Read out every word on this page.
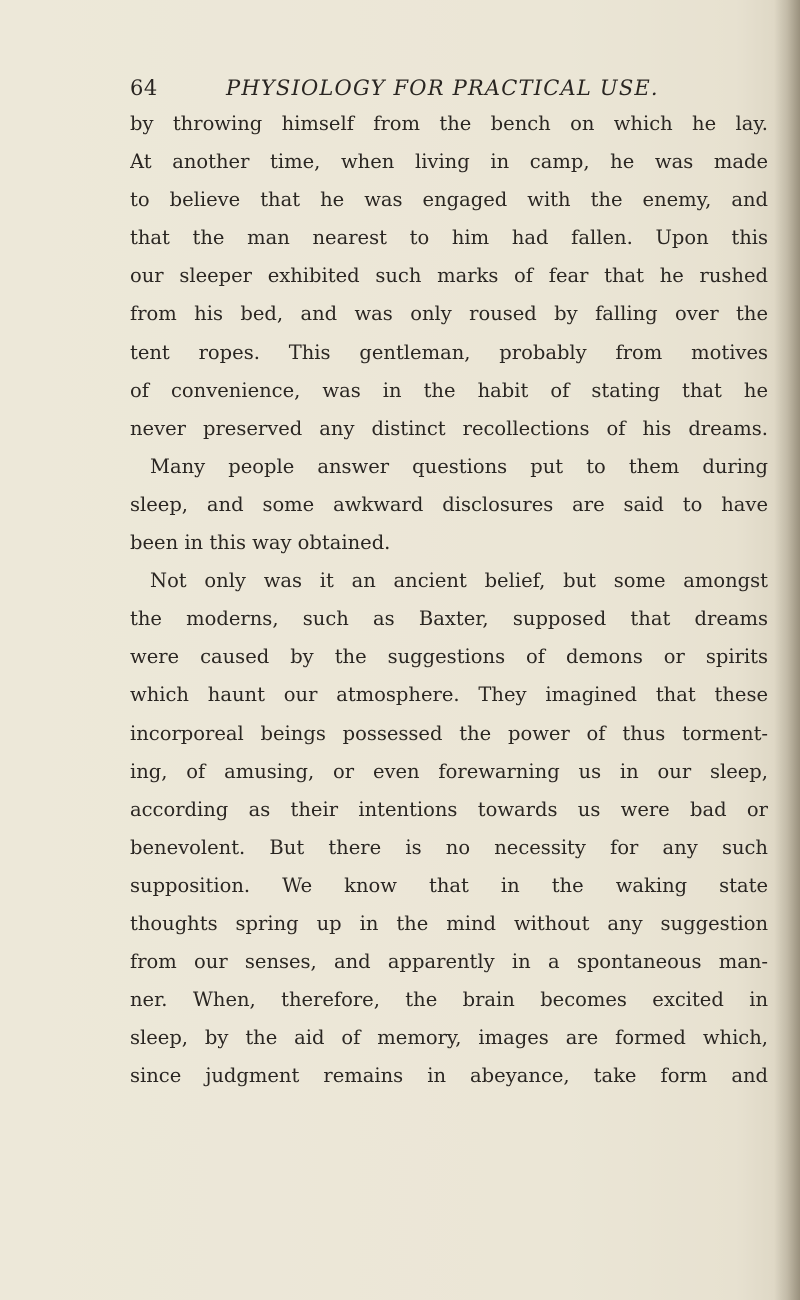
64	PHYSIOLOGY FOR PRACTICAL USE.
by throwing himself from the bench on which he lay.
At another time, when living in camp, he was made
to believe that he was engaged with the enemy, and
that the man nearest to him had fallen. Upon this
our sleeper exhibited such marks of fear that he rushed
from his bed, and was only roused by falling over the
tent ropes. This gentleman, probably from motives
of convenience, was in the habit of stating that he
never preserved any distinct recollections of his dreams.
Many people answer questions put to them during
sleep, and some awkward disclosures are said to have
been in this way obtained.
Not only was it an ancient belief, but some amongst
the moderns, such as Baxter, supposed that dreams
were caused by the suggestions of demons or spirits
which haunt our atmosphere. They imagined that these
incorporeal beings possessed the power of thus torment-
ing, of amusing, or even forewarning us in our sleep,
according as their intentions towards us were bad or
benevolent. But there is no necessity for any such
supposition. We know that in the waking state
thoughts spring up in the mind without any suggestion
from our senses, and apparently in a spontaneous man-
ner. When, therefore, the brain becomes excited in
sleep, by the aid of memory, images are formed which,
since judgment remains in abeyance, take form and
